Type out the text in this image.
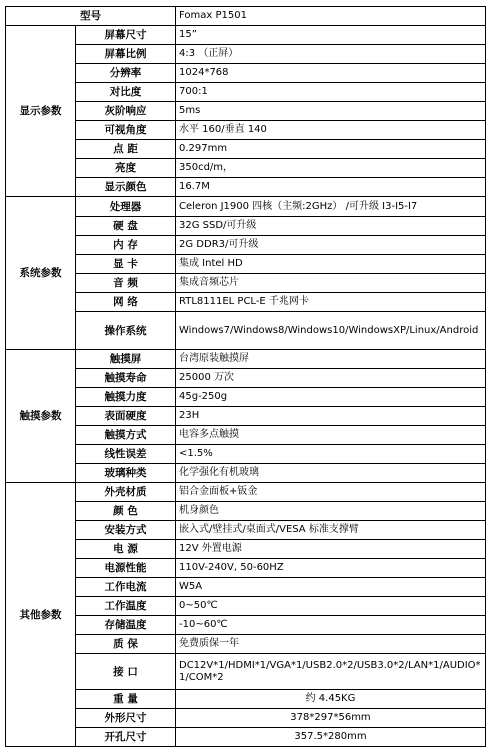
型号		Fomax P1501
显示参数	屏幕尺寸	15”
	屏幕比例	4:3 （正屏）
	分辨率	1024*768
	对比度	700:1
	灰阶响应	5ms
	可视角度	水平 160/垂直 140
	点 距	0.297mm
	亮度	350cd/m，
	显示颜色	16.7M
系统参数	处理器	Celeron J1900 四核（主频:2GHz） /可升级 I3-I5-I7
	硬 盘	32G SSD/可升级
	内 存	2G DDR3/可升级
	显 卡	集成 Intel HD
	音 频	集成音频芯片
	网 络	RTL8111EL PCL-E 千兆网卡
	操作系统	Windows7/Windows8/Windows10/WindowsXP/Linux/Android
触摸参数	触摸屏	台湾原装触摸屏
	触摸寿命	25000 万次
	触摸力度	45g-250g
	表面硬度	23H
	触摸方式	电容多点触摸
	线性误差	<1.5%
	玻璃种类	化学强化有机玻璃
其他参数	外壳材质	铝合金面板+钣金
	颜 色	机身颜色
	安装方式	嵌入式/壁挂式/桌面式/VESA 标准支撑臂
	电 源	12V 外置电源
	电源性能	110V-240V, 50-60HZ
	工作电流	W5A
	工作温度	0~50℃
	存储温度	-10~60℃
	质 保	免费质保一年
	接 口	DC12V*1/HDMI*1/VGA*1/USB2.0*2/USB3.0*2/LAN*1/AUDIO*1/COM*2
	重 量	约 4.45KG
	外形尺寸	378*297*56mm
	开孔尺寸	357.5*280mm
